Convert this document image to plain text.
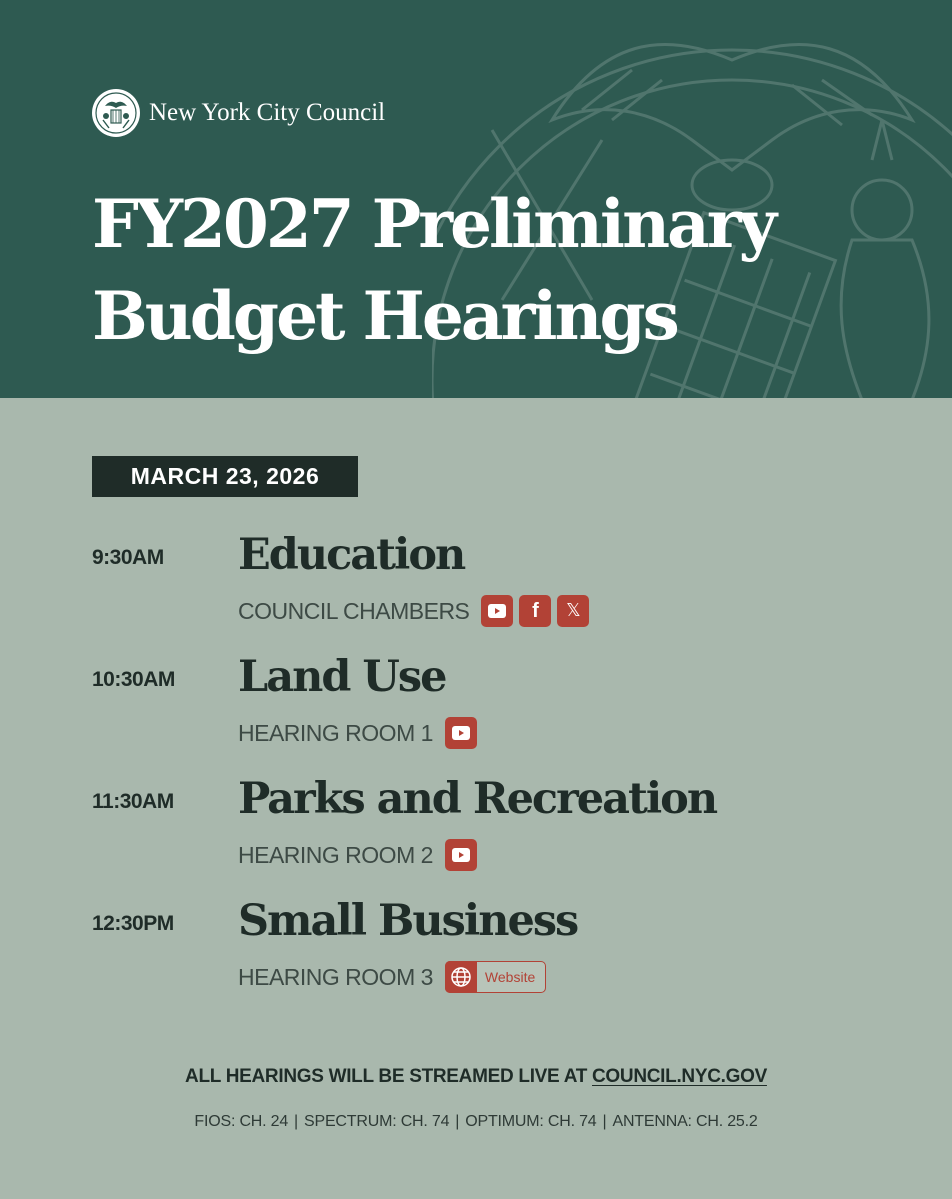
New York City Council
FY2027 Preliminary
Budget Hearings
MARCH 23, 2026
9:30AM Education
COUNCIL CHAMBERS	f 𝕏
10:30AM Land Use
HEARING ROOM 1
11:30AM Parks and Recreation
HEARING ROOM 2
12:30PM Small Business
HEARING ROOM 3	Website
ALL HEARINGS WILL BE STREAMED LIVE AT COUNCIL.NYC.GOV
FIOS: CH. 24 | SPECTRUM: CH. 74 | OPTIMUM: CH. 74 | ANTENNA: CH. 25.2
